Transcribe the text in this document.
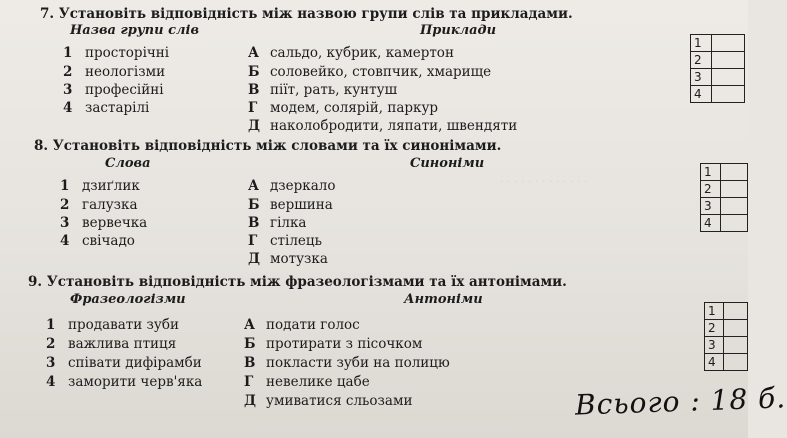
· · · · · · · · · · · · ·
7. Установіть відповідність між назвою групи слів та прикладами.
Назва групи слів	Приклади
1 просторічні
2 неологізми
3 професійні
4 застарілі
А сальдо, кубрик, камертон
Б соловейко, стовпчик, хмарище
В піїт, рать, кунтуш
Г модем, солярій, паркур
Д наколобродити, ляпати, швендяти
1	
2	
3	
4	
8. Установіть відповідність між словами та їх синонімами.
Слова	Синоніми
1 дзиґлик
2 галузка
3 вервечка
4 свічадо
А дзеркало
Б вершина
В гілка
Г стілець
Д мотузка
1	
2	
3	
4	
9. Установіть відповідність між фразеологізмами та їх антонімами.
Фразеологізми	Антоніми
1 продавати зуби
2 важлива птиця
3 співати дифірамби
4 заморити черв'яка
А подати голос
Б протирати з пісочком
В покласти зуби на полицю
Г невелике цабе
Д умиватися сльозами
1	
2	
3	
4	
Всього : 18 б.
